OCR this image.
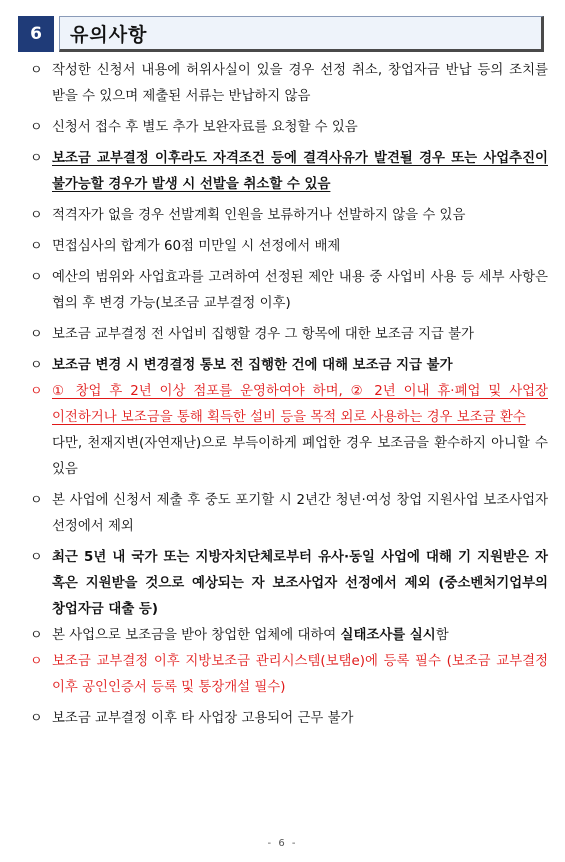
6	유의사항
ㅇ 작성한 신청서 내용에 허위사실이 있을 경우 선정 취소, 창업자금 반납 등의 조치를 받을 수 있으며 제출된 서류는 반납하지 않음
ㅇ 신청서 접수 후 별도 추가 보완자료를 요청할 수 있음
ㅇ 보조금 교부결정 이후라도 자격조건 등에 결격사유가 발견될 경우 또는 사업추진이 불가능할 경우가 발생 시 선발을 취소할 수 있음
ㅇ 적격자가 없을 경우 선발계획 인원을 보류하거나 선발하지 않을 수 있음
ㅇ 면접심사의 합계가 60점 미만일 시 선정에서 배제
ㅇ 예산의 범위와 사업효과를 고려하여 선정된 제안 내용 중 사업비 사용 등 세부 사항은 협의 후 변경 가능(보조금 교부결정 이후)
ㅇ 보조금 교부결정 전 사업비 집행할 경우 그 항목에 대한 보조금 지급 불가
ㅇ 보조금 변경 시 변경결정 통보 전 집행한 건에 대해 보조금 지급 불가
ㅇ ① 창업 후 2년 이상 점포를 운영하여야 하며, ② 2년 이내 휴·폐업 및 사업장 이전하거나 보조금을 통해 획득한 설비 등을 목적 외로 사용하는 경우 보조금 환수
다만, 천재지변(자연재난)으로 부득이하게 폐업한 경우 보조금을 환수하지 아니할 수 있음
ㅇ 본 사업에 신청서 제출 후 중도 포기할 시 2년간 청년·여성 창업 지원사업 보조사업자 선정에서 제외
ㅇ 최근 5년 내 국가 또는 지방자치단체로부터 유사·동일 사업에 대해 기 지원받은 자 혹은 지원받을 것으로 예상되는 자 보조사업자 선정에서 제외 (중소벤처기업부의 창업자금 대출 등)
ㅇ 본 사업으로 보조금을 받아 창업한 업체에 대하여 실태조사를 실시함
ㅇ 보조금 교부결정 이후 지방보조금 관리시스템(보탬e)에 등록 필수 (보조금 교부결정 이후 공인인증서 등록 및 통장개설 필수)
ㅇ 보조금 교부결정 이후 타 사업장 고용되어 근무 불가
- 6 -
